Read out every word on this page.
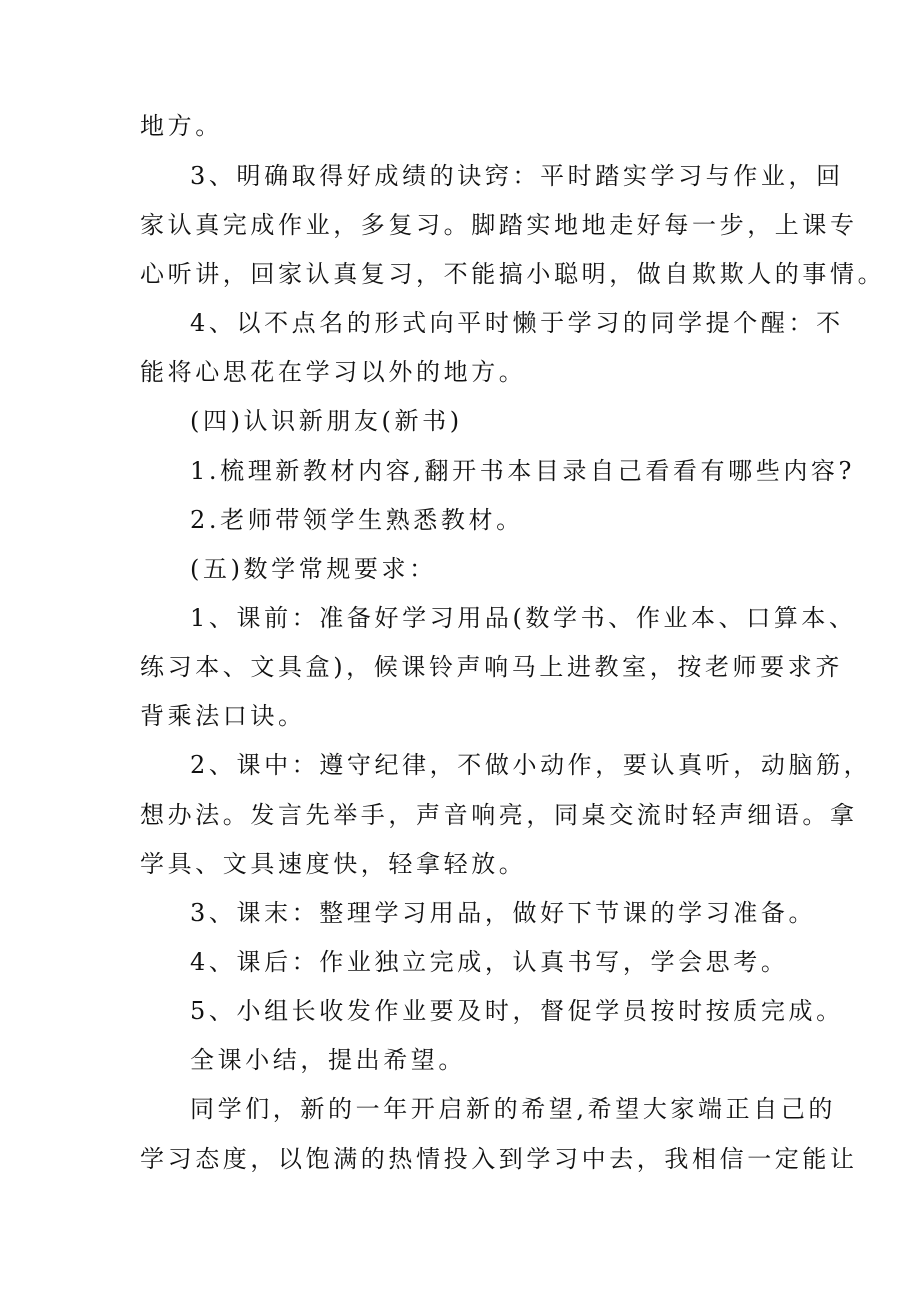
地方。
3、明确取得好成绩的诀窍：平时踏实学习与作业，回
家认真完成作业，多复习。脚踏实地地走好每一步，上课专
心听讲，回家认真复习，不能搞小聪明，做自欺欺人的事情。
4、以不点名的形式向平时懒于学习的同学提个醒：不
能将心思花在学习以外的地方。
(四)认识新朋友(新书)
1.梳理新教材内容,翻开书本目录自己看看有哪些内容?
2.老师带领学生熟悉教材。
(五)数学常规要求：
1、课前：准备好学习用品(数学书、作业本、口算本、
练习本、文具盒)，候课铃声响马上进教室，按老师要求齐
背乘法口诀。
2、课中：遵守纪律，不做小动作，要认真听，动脑筋，
想办法。发言先举手，声音响亮，同桌交流时轻声细语。拿
学具、文具速度快，轻拿轻放。
3、课末：整理学习用品，做好下节课的学习准备。
4、课后：作业独立完成，认真书写，学会思考。
5、小组长收发作业要及时，督促学员按时按质完成。
全课小结，提出希望。
同学们，新的一年开启新的希望,希望大家端正自己的
学习态度，以饱满的热情投入到学习中去，我相信一定能让
